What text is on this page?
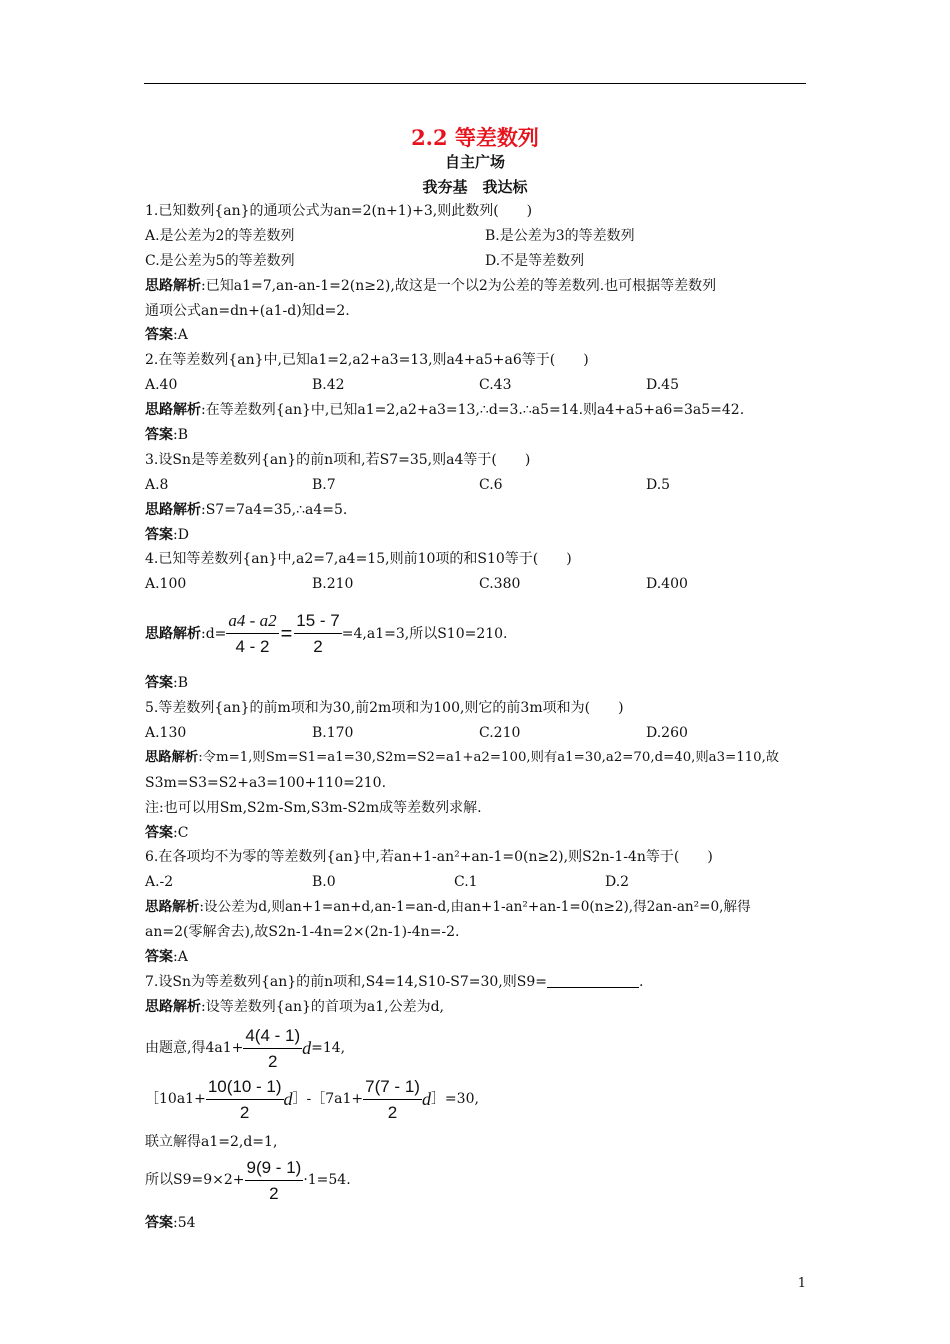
2.2 等差数列
自主广场
我夯基　我达标
1.已知数列{an}的通项公式为an=2(n+1)+3,则此数列(　　)
A.是公差为2的等差数列	B.是公差为3的等差数列
C.是公差为5的等差数列	D.不是等差数列
思路解析:已知a1=7,an-an-1=2(n≥2),故这是一个以2为公差的等差数列.也可根据等差数列
通项公式an=dn+(a1-d)知d=2.
答案:A
2.在等差数列{an}中,已知a1=2,a2+a3=13,则a4+a5+a6等于(　　)
A.40	B.42	C.43	D.45
思路解析:在等差数列{an}中,已知a1=2,a2+a3=13,∴d=3.∴a5=14.则a4+a5+a6=3a5=42.
答案:B
3.设Sn是等差数列{an}的前n项和,若S7=35,则a4等于(　　)
A.8	B.7	C.6	D.5
思路解析:S7=7a4=35,∴a4=5.
答案:D
4.已知等差数列{an}中,a2=7,a4=15,则前10项的和S10等于(　　)
A.100	B.210	C.380	D.400
思路解析 :d= $\frac{a4 - a2}{4 - 2} = \frac{15 - 7}{2} =4,a1=3$,所以S10=210.
答案:B
5.等差数列{an}的前m项和为30,前2m项和为100,则它的前3m项和为(　　)
A.130	B.170	C.210	D.260
思路解析:令m=1,则Sm=S1=a1=30,S2m=S2=a1+a2=100,则有a1=30,a2=70,d=40,则a3=110,故
S3m=S3=S2+a3=100+110=210.
注:也可以用Sm,S2m-Sm,S3m-S2m成等差数列求解.
答案:C
6.在各项均不为零的等差数列{an}中,若an+1-an²+an-1=0(n≥2),则S2n-1-4n等于(　　)
A.-2	B.0	C.1	D.2
思路解析:设公差为d,则an+1=an+d,an-1=an-d,由an+1-an²+an-1=0(n≥2),得2an-an²=0,解得
an=2(零解舍去),故S2n-1-4n=2×(2n-1)-4n=-2.
答案:A
7.设Sn为等差数列{an}的前n项和,S4=14,S10-S7=30,则S9=	.
思路解析:设等差数列{an}的首项为a1,公差为d,
由题意,得$4a1+ \frac{4(4 - 1)}{2}$ d =14,
［10a1+ $\frac{10(10 - 1)}{2}$ d ］-［7a1+ $\frac{7(7 - 1)}{2}$ d ］=30,
联立解得a1=2,d=1,
所以$S9=9\times 2+ \frac{9(9 - 1)}{2} \cdot 1=54$.
答案:54
1
